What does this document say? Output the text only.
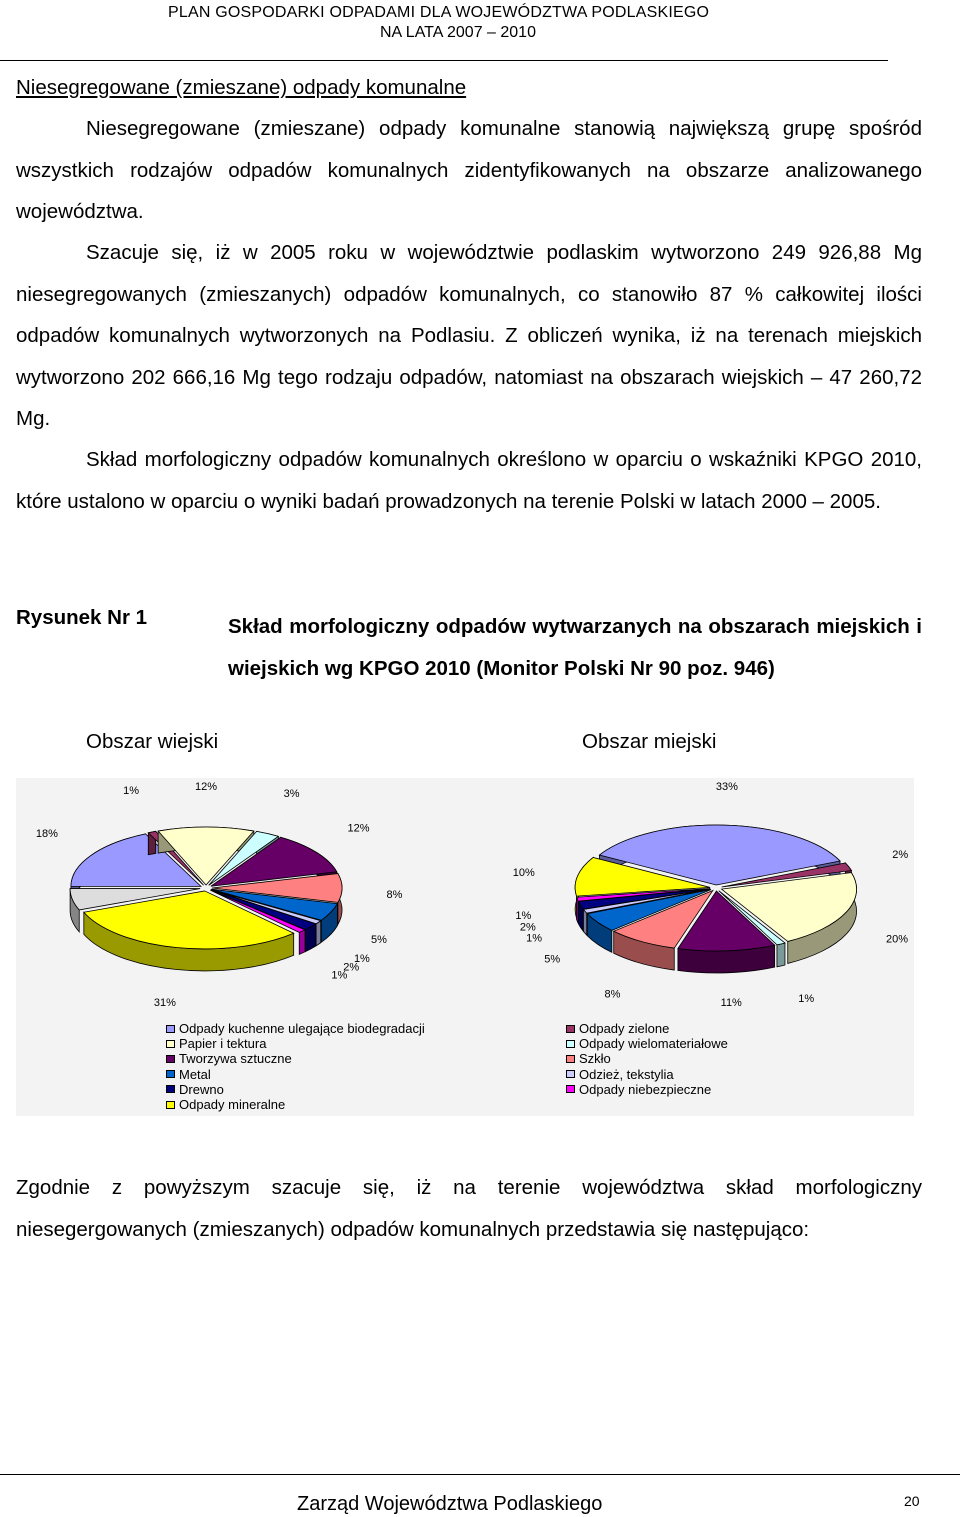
PLAN GOSPODARKI ODPADAMI DLA WOJEWÓDZTWA PODLASKIEGO
NA LATA 2007 – 2010

Niesegregowane (zmieszane) odpady komunalne

Niesegregowane (zmieszane) odpady komunalne stanowią największą grupę spośród wszystkich rodzajów odpadów komunalnych zidentyfikowanych na obszarze analizowanego województwa.

Szacuje się, iż w 2005 roku w województwie podlaskim wytworzono 249 926,88 Mg niesegregowanych (zmieszanych) odpadów komunalnych, co stanowiło 87 % całkowitej ilości odpadów komunalnych wytworzonych na Podlasiu. Z obliczeń wynika, iż na terenach miejskich wytworzono 202 666,16 Mg tego rodzaju odpadów, natomiast na obszarach wiejskich – 47 260,72 Mg.

Skład morfologiczny odpadów komunalnych określono w oparciu o wskaźniki KPGO 2010, które ustalono w oparciu o wyniki badań prowadzonych na terenie Polski w latach 2000 – 2005.

Rysunek Nr 1	Skład morfologiczny odpadów wytwarzanych na obszarach miejskich i wiejskich wg KPGO 2010 (Monitor Polski Nr 90 poz. 946)

Obszar wiejski	Obszar miejski
18%
1%	12%
3%
12%
8%
5%
1%
2%
1%
31%
33%
2%
20%
1%
11%
8%
5%
1%
2%
1%
10%
Odpady kuchenne ulegające biodegradacji
Papier i tektura
Tworzywa sztuczne
Metal
Drewno
Odpady mineralne
Odpady zielone
Odpady wielomateriałowe
Szkło
Odzież, tekstylia
Odpady niebezpieczne

Zgodnie z powyższym szacuje się, iż na terenie województwa skład morfologiczny niesegergowanych (zmieszanych) odpadów komunalnych przedstawia się następująco:

Zarząd Województwa Podlaskiego	20
